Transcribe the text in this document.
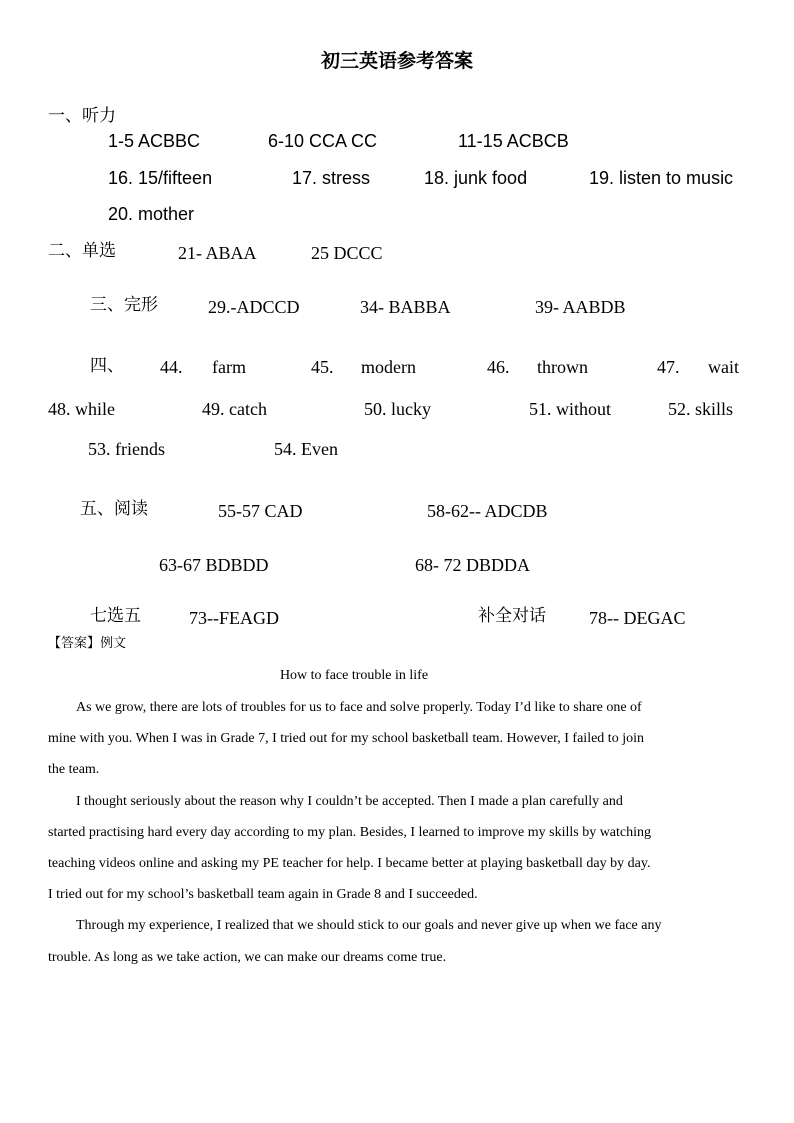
初三英语参考答案
一、听力
1-5 ACBBC	6-10 CCA CC	11-15 ACBCB
16. 15/fifteen	17. stress	18. junk food	19. listen to music
20. mother
二、单选	21- ABAA	25 DCCC
三、完形	29.-ADCCD	34- BABBA	39- AABDB
四、 44. farm	45. modern	46. thrown	47. wait
48. while	49. catch	50. lucky	51. without	52. skills
53. friends	54. Even
五、阅读	55-57 CAD	58-62-- ADCDB
63-67 BDBDD	68- 72 DBDDA
七选五	73--FEAGD	补全对话 78-- DEGAC
【答案】例文
How to face trouble in life
As we grow, there are lots of troubles for us to face and solve properly. Today I’d like to share one of
mine with you. When I was in Grade 7, I tried out for my school basketball team. However, I failed to join
the team.
I thought seriously about the reason why I couldn’t be accepted. Then I made a plan carefully and
started practising hard every day according to my plan. Besides, I learned to improve my skills by watching
teaching videos online and asking my PE teacher for help. I became better at playing basketball day by day.
I tried out for my school’s basketball team again in Grade 8 and I succeeded.
Through my experience, I realized that we should stick to our goals and never give up when we face any
trouble. As long as we take action, we can make our dreams come true.
